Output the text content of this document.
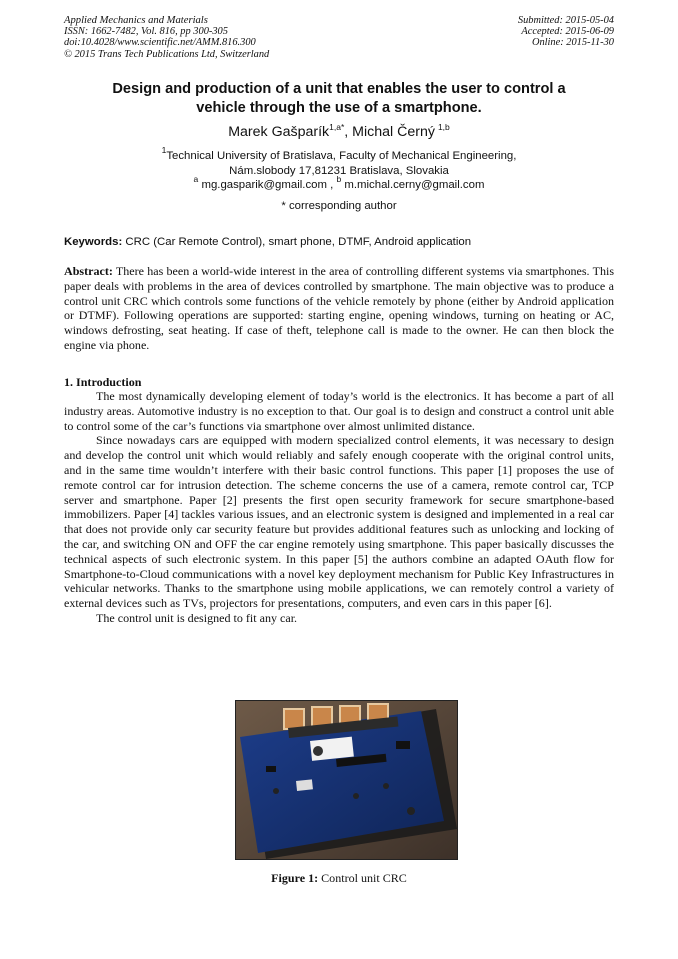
Applied Mechanics and Materials
ISSN: 1662-7482, Vol. 816, pp 300-305
doi:10.4028/www.scientific.net/AMM.816.300
© 2015 Trans Tech Publications Ltd, Switzerland
Submitted: 2015-05-04
Accepted: 2015-06-09
Online: 2015-11-30
Design and production of a unit that enables the user to control a
vehicle through the use of a smartphone.
Marek Gašparík$^{1,a*}$, Michal Černý $^{1,b}$
$^1$Technical University of Bratislava, Faculty of Mechanical Engineering,
Nám.slobody 17,81231 Bratislava, Slovakia
$^a$ mg.gasparik@gmail.com , $^b$ m.michal.cerny@gmail.com
* corresponding author
Keywords: CRC (Car Remote Control), smart phone, DTMF, Android application
Abstract: There has been a world-wide interest in the area of controlling different systems via smartphones. This paper deals with problems in the area of devices controlled by smartphone. The main objective was to produce a control unit CRC which controls some functions of the vehicle remotely by phone (either by Android application or DTMF). Following operations are supported: starting engine, opening windows, turning on heating or AC, windows defrosting, seat heating. If case of theft, telephone call is made to the owner. He can then block the engine via phone.
1. Introduction

The most dynamically developing element of today’s world is the electronics. It has become a part of all industry areas. Automotive industry is no exception to that. Our goal is to design and construct a control unit able to control some of the car’s functions via smartphone over almost unlimited distance.

Since nowadays cars are equipped with modern specialized control elements, it was necessary to design and develop the control unit which would reliably and safely enough cooperate with the original control units, and in the same time wouldn’t interfere with their basic control functions. This paper [1] proposes the use of remote control car for intrusion detection. The scheme concerns the use of a camera, remote control car, TCP server and smartphone. Paper [2] presents the first open security framework for secure smartphone-based immobilizers. Paper [4] tackles various issues, and an electronic system is designed and implemented in a real car that does not provide only car security feature but provides additional features such as unlocking and locking of the car, and switching ON and OFF the car engine remotely using smartphone. This paper basically discusses the technical aspects of such electronic system. In this paper [5] the authors combine an adapted OAuth flow for Smartphone-to-Cloud communications with a novel key deployment mechanism for Public Key Infrastructures in vehicular networks. Thanks to the smartphone using mobile applications, we can remotely control a variety of external devices such as TVs, projectors for presentations, computers, and even cars in this paper [6].

The control unit is designed to fit any car.

Figure 1: Control unit CRC
